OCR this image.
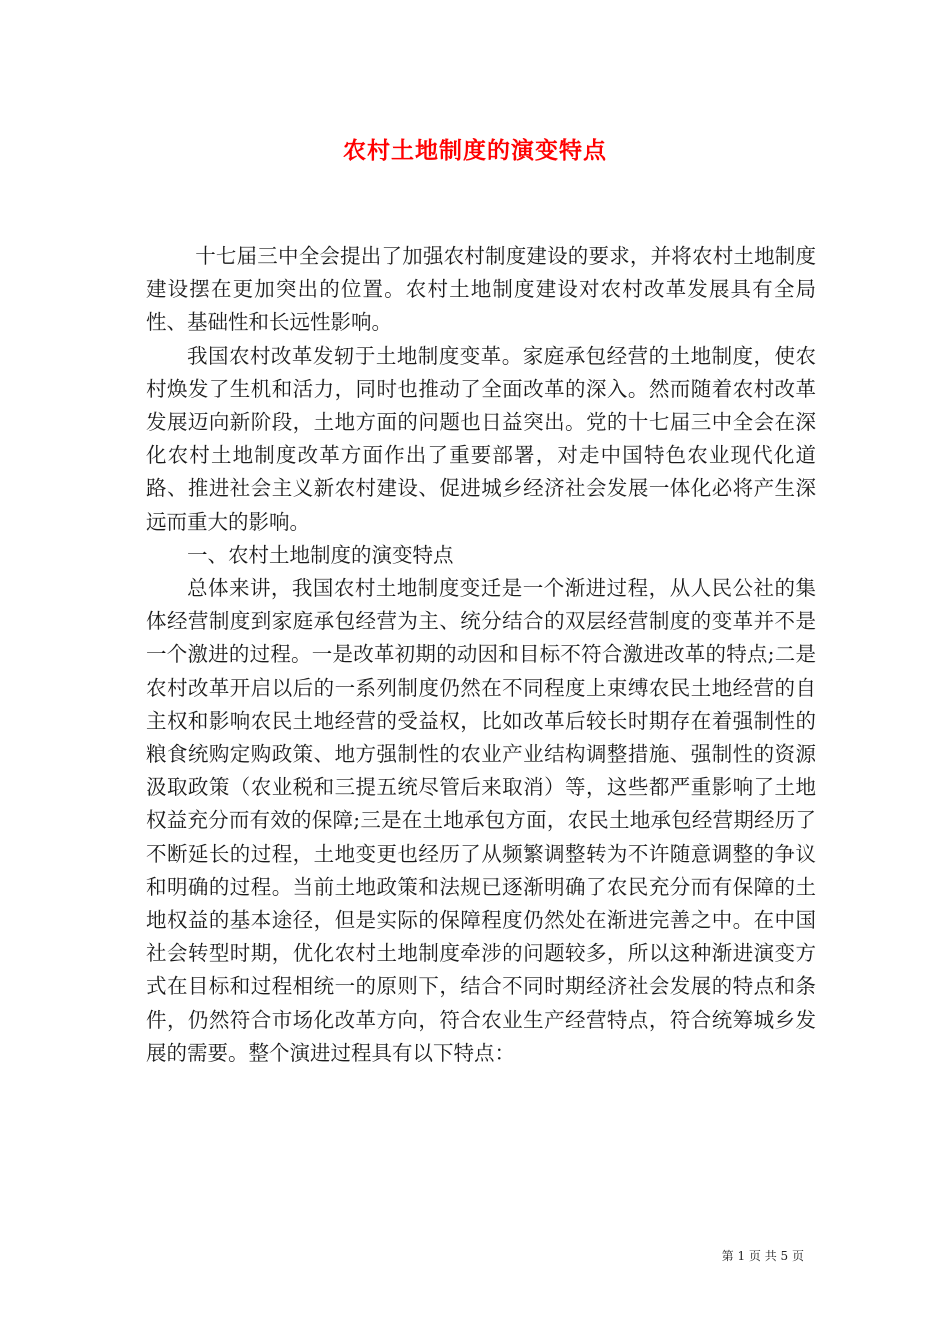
农村土地制度的演变特点

十七届三中全会提出了加强农村制度建设的要求，并将农村土地制度建设摆在更加突出的位置。农村土地制度建设对农村改革发展具有全局性、基础性和长远性影响。

我国农村改革发轫于土地制度变革。家庭承包经营的土地制度，使农村焕发了生机和活力，同时也推动了全面改革的深入。然而随着农村改革发展迈向新阶段，土地方面的问题也日益突出。党的十七届三中全会在深化农村土地制度改革方面作出了重要部署，对走中国特色农业现代化道路、推进社会主义新农村建设、促进城乡经济社会发展一体化必将产生深远而重大的影响。

一、农村土地制度的演变特点

总体来讲，我国农村土地制度变迁是一个渐进过程，从人民公社的集体经营制度到家庭承包经营为主、统分结合的双层经营制度的变革并不是一个激进的过程。一是改革初期的动因和目标不符合激进改革的特点;二是农村改革开启以后的一系列制度仍然在不同程度上束缚农民土地经营的自主权和影响农民土地经营的受益权，比如改革后较长时期存在着强制性的粮食统购定购政策、地方强制性的农业产业结构调整措施、强制性的资源汲取政策（农业税和三提五统尽管后来取消）等，这些都严重影响了土地权益充分而有效的保障;三是在土地承包方面，农民土地承包经营期经历了不断延长的过程，土地变更也经历了从频繁调整转为不许随意调整的争议和明确的过程。当前土地政策和法规已逐渐明确了农民充分而有保障的土地权益的基本途径，但是实际的保障程度仍然处在渐进完善之中。在中国社会转型时期，优化农村土地制度牵涉的问题较多，所以这种渐进演变方式在目标和过程相统一的原则下，结合不同时期经济社会发展的特点和条件，仍然符合市场化改革方向，符合农业生产经营特点，符合统筹城乡发展的需要。整个演进过程具有以下特点：

第 1 页 共 5 页
